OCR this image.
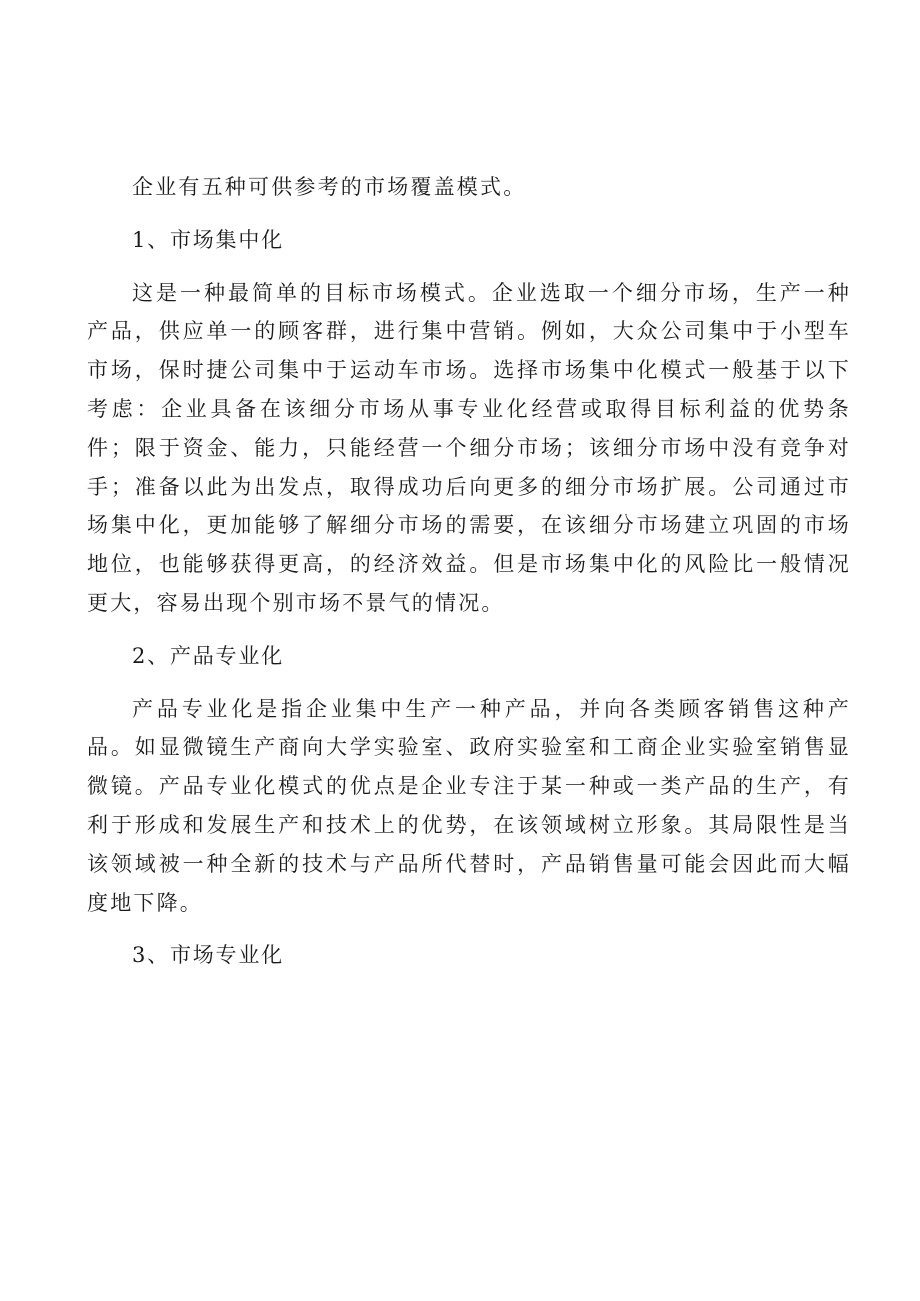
企业有五种可供参考的市场覆盖模式。

1、市场集中化

这是一种最简单的目标市场模式。企业选取一个细分市场，生产一种产品，供应单一的顾客群，进行集中营销。例如，大众公司集中于小型车市场，保时捷公司集中于运动车市场。选择市场集中化模式一般基于以下考虑：企业具备在该细分市场从事专业化经营或取得目标利益的优势条件；限于资金、能力，只能经营一个细分市场；该细分市场中没有竞争对手；准备以此为出发点，取得成功后向更多的细分市场扩展。公司通过市场集中化，更加能够了解细分市场的需要，在该细分市场建立巩固的市场地位，也能够获得更高，的经济效益。但是市场集中化的风险比一般情况更大，容易出现个别市场不景气的情况。

2、产品专业化

产品专业化是指企业集中生产一种产品，并向各类顾客销售这种产品。如显微镜生产商向大学实验室、政府实验室和工商企业实验室销售显微镜。产品专业化模式的优点是企业专注于某一种或一类产品的生产，有利于形成和发展生产和技术上的优势，在该领域树立形象。其局限性是当该领域被一种全新的技术与产品所代替时，产品销售量可能会因此而大幅度地下降。

3、市场专业化
